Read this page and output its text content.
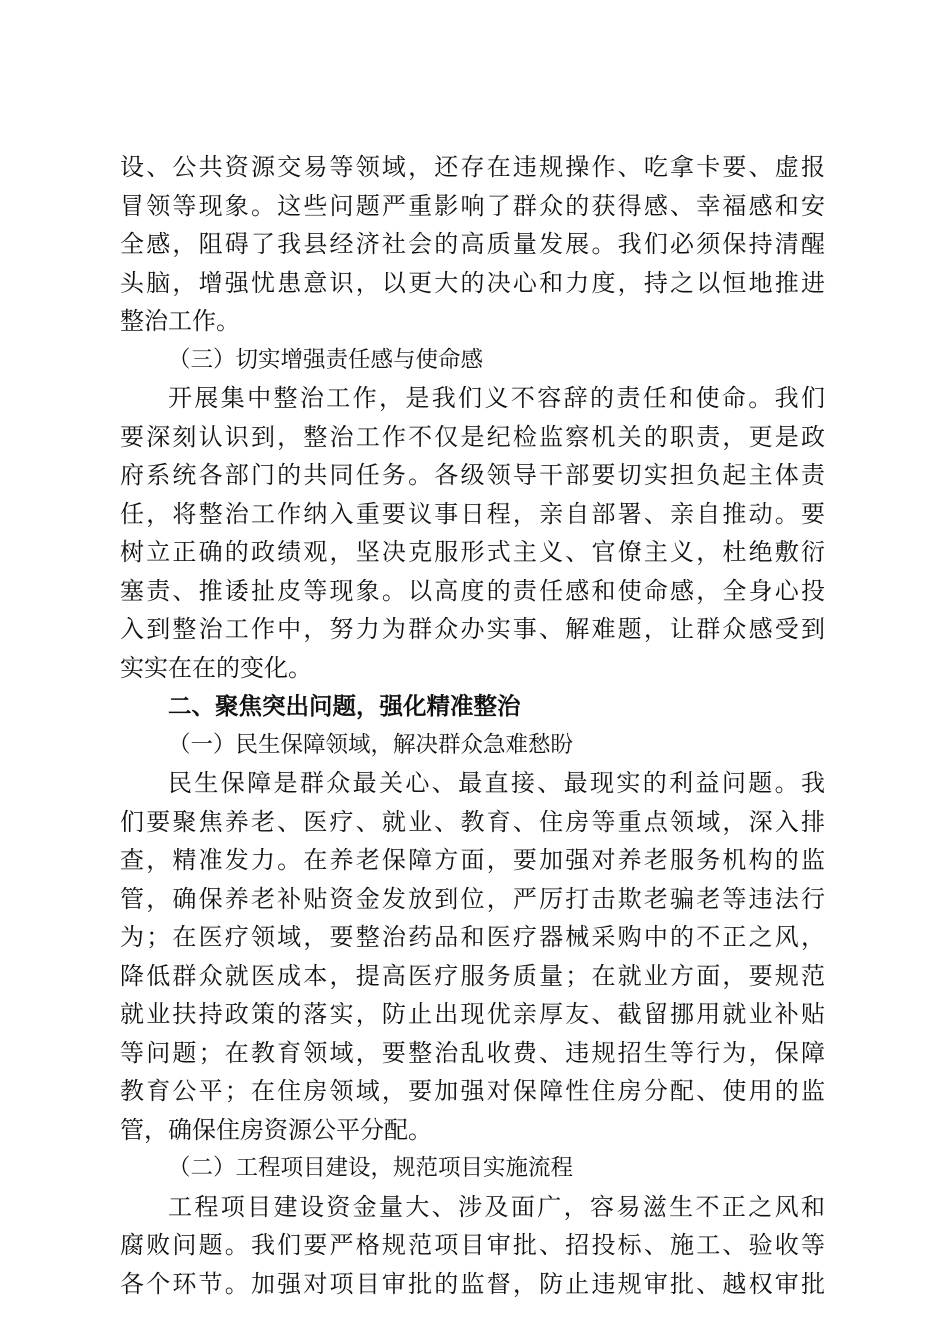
设、公共资源交易等领域，还存在违规操作、吃拿卡要、虚报
冒领等现象。这些问题严重影响了群众的获得感、幸福感和安
全感，阻碍了我县经济社会的高质量发展。我们必须保持清醒
头脑，增强忧患意识，以更大的决心和力度，持之以恒地推进
整治工作。
（三）切实增强责任感与使命感
开展集中整治工作，是我们义不容辞的责任和使命。我们
要深刻认识到，整治工作不仅是纪检监察机关的职责，更是政
府系统各部门的共同任务。各级领导干部要切实担负起主体责
任，将整治工作纳入重要议事日程，亲自部署、亲自推动。要
树立正确的政绩观，坚决克服形式主义、官僚主义，杜绝敷衍
塞责、推诿扯皮等现象。以高度的责任感和使命感，全身心投
入到整治工作中，努力为群众办实事、解难题，让群众感受到
实实在在的变化。
二、聚焦突出问题，强化精准整治
（一）民生保障领域，解决群众急难愁盼
民生保障是群众最关心、最直接、最现实的利益问题。我
们要聚焦养老、医疗、就业、教育、住房等重点领域，深入排
查，精准发力。在养老保障方面，要加强对养老服务机构的监
管，确保养老补贴资金发放到位，严厉打击欺老骗老等违法行
为；在医疗领域，要整治药品和医疗器械采购中的不正之风，
降低群众就医成本，提高医疗服务质量；在就业方面，要规范
就业扶持政策的落实，防止出现优亲厚友、截留挪用就业补贴
等问题；在教育领域，要整治乱收费、违规招生等行为，保障
教育公平；在住房领域，要加强对保障性住房分配、使用的监
管，确保住房资源公平分配。
（二）工程项目建设，规范项目实施流程
工程项目建设资金量大、涉及面广，容易滋生不正之风和
腐败问题。我们要严格规范项目审批、招投标、施工、验收等
各个环节。加强对项目审批的监督，防止违规审批、越权审批
